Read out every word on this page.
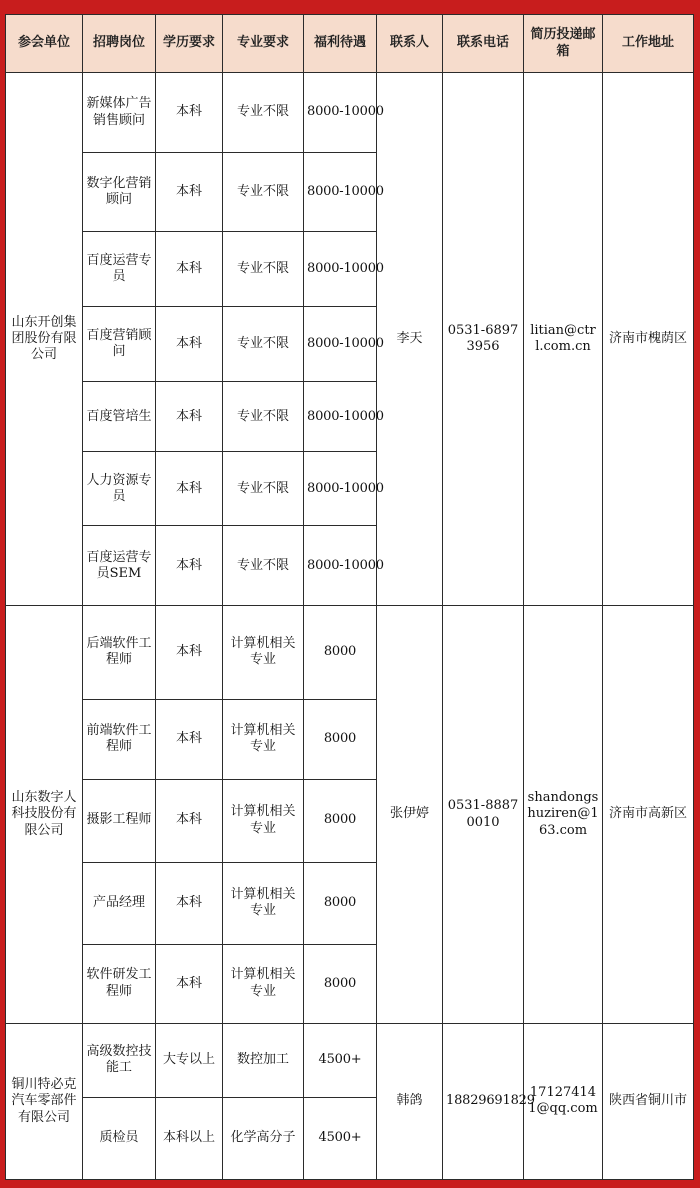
参会单位	招聘岗位	学历要求	专业要求	福利待遇	联系人	联系电话	简历投递邮箱	工作地址
山东开创集团股份有限公司	新媒体广告销售顾问	本科	专业不限	8000-10000	李天	0531-68973956	litian@ctrl.com.cn	济南市槐荫区
	数字化营销顾问	本科	专业不限	8000-10000				
	百度运营专员	本科	专业不限	8000-10000				
	百度营销顾问	本科	专业不限	8000-10000				
	百度管培生	本科	专业不限	8000-10000				
	人力资源专员	本科	专业不限	8000-10000				
	百度运营专员SEM	本科	专业不限	8000-10000				
山东数字人科技股份有限公司	后端软件工程师	本科	计算机相关专业	8000	张伊婷	0531-88870010	shandongshuziren@163.com	济南市高新区
	前端软件工程师	本科	计算机相关专业	8000				
	摄影工程师	本科	计算机相关专业	8000				
	产品经理	本科	计算机相关专业	8000				
	软件研发工程师	本科	计算机相关专业	8000				
铜川特必克汽车零部件有限公司	高级数控技能工	大专以上	数控加工	4500+	韩鸽	18829691829	171274141@qq.com	陕西省铜川市
	质检员	本科以上	化学高分子	4500+				
